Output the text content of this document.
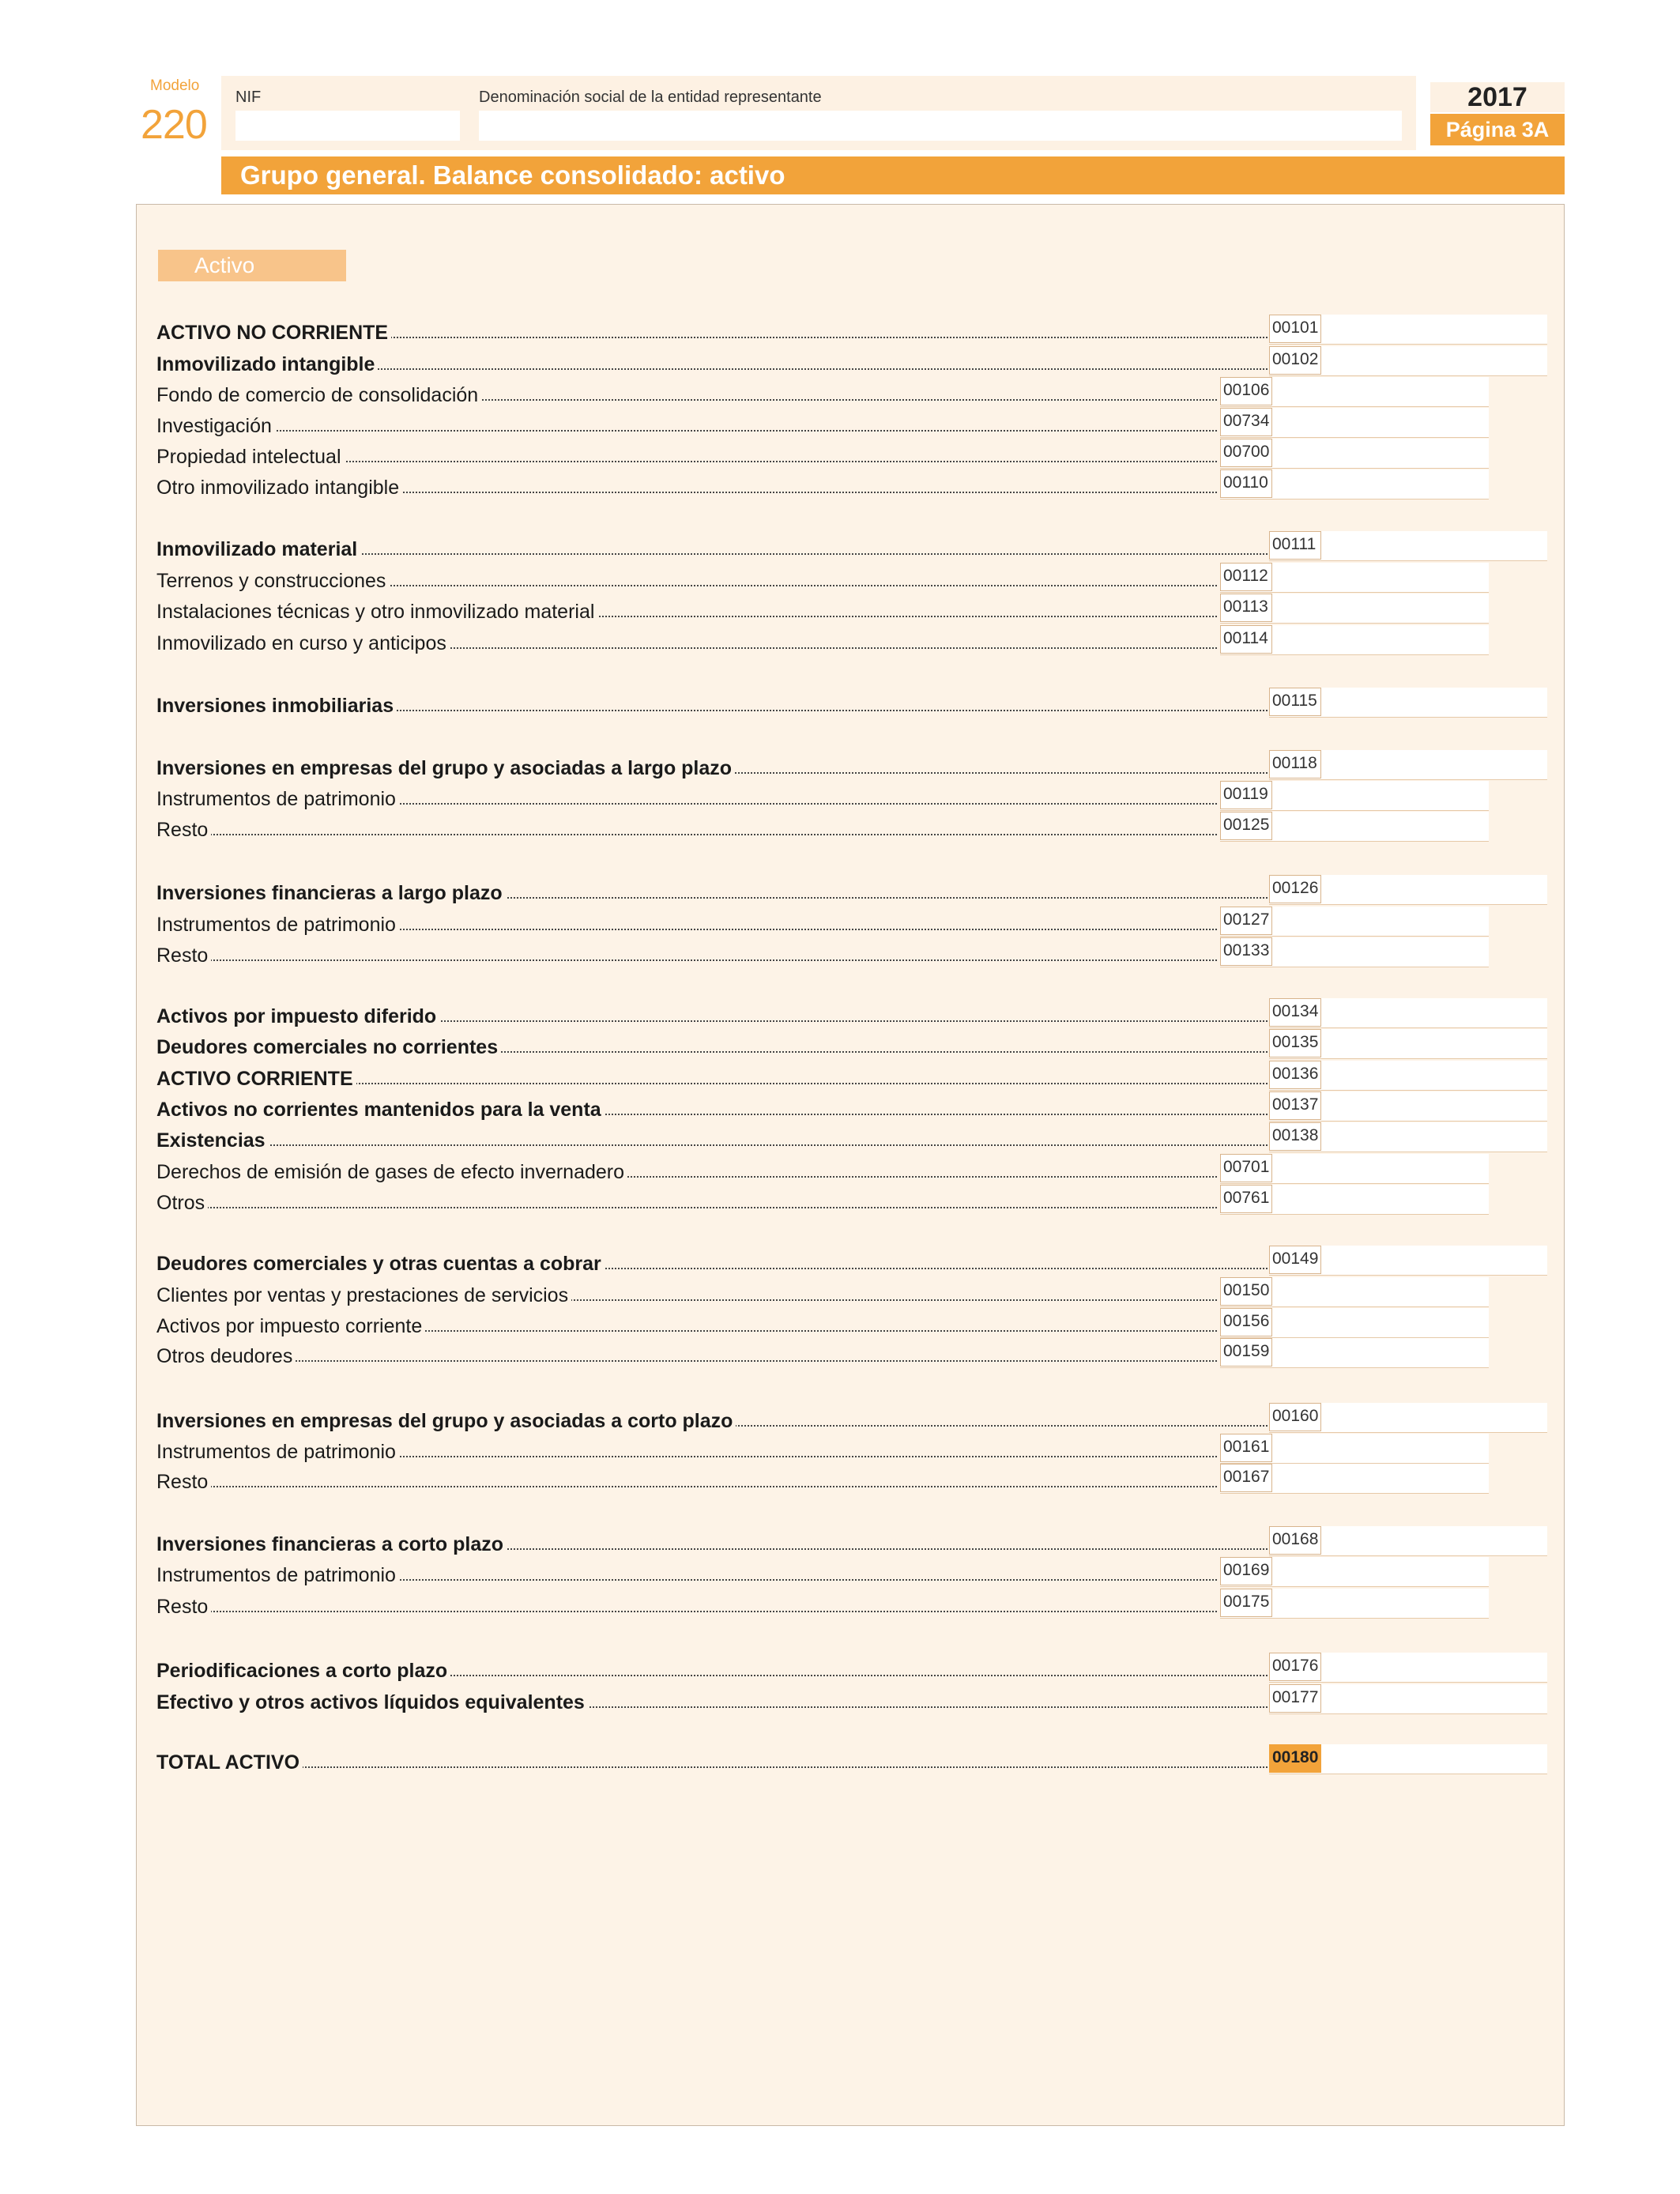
Modelo
220
NIF	Denominación social de la entidad representante	2017
Página 3A
Grupo general. Balance consolidado: activo
Activo
ACTIVO NO CORRIENTE	00101
Inmovilizado intangible	00102
Fondo de comercio de consolidación	00106
Investigación	00734
Propiedad intelectual	00700
Otro inmovilizado intangible	00110
Inmovilizado material	00111
Terrenos y construcciones	00112
Instalaciones técnicas y otro inmovilizado material	00113
Inmovilizado en curso y anticipos	00114
Inversiones inmobiliarias	00115
Inversiones en empresas del grupo y asociadas a largo plazo	00118
Instrumentos de patrimonio	00119
Resto	00125
Inversiones financieras a largo plazo	00126
Instrumentos de patrimonio	00127
Resto	00133
Activos por impuesto diferido	00134
Deudores comerciales no corrientes	00135
ACTIVO CORRIENTE	00136
Activos no corrientes mantenidos para la venta	00137
Existencias	00138
Derechos de emisión de gases de efecto invernadero	00701
Otros	00761
Deudores comerciales y otras cuentas a cobrar	00149
Clientes por ventas y prestaciones de servicios	00150
Activos por impuesto corriente	00156
Otros deudores	00159
Inversiones en empresas del grupo y asociadas a corto plazo	00160
Instrumentos de patrimonio	00161
Resto	00167
Inversiones financieras a corto plazo	00168
Instrumentos de patrimonio	00169
Resto	00175
Periodificaciones a corto plazo	00176
Efectivo y otros activos líquidos equivalentes	00177
TOTAL ACTIVO	00180
